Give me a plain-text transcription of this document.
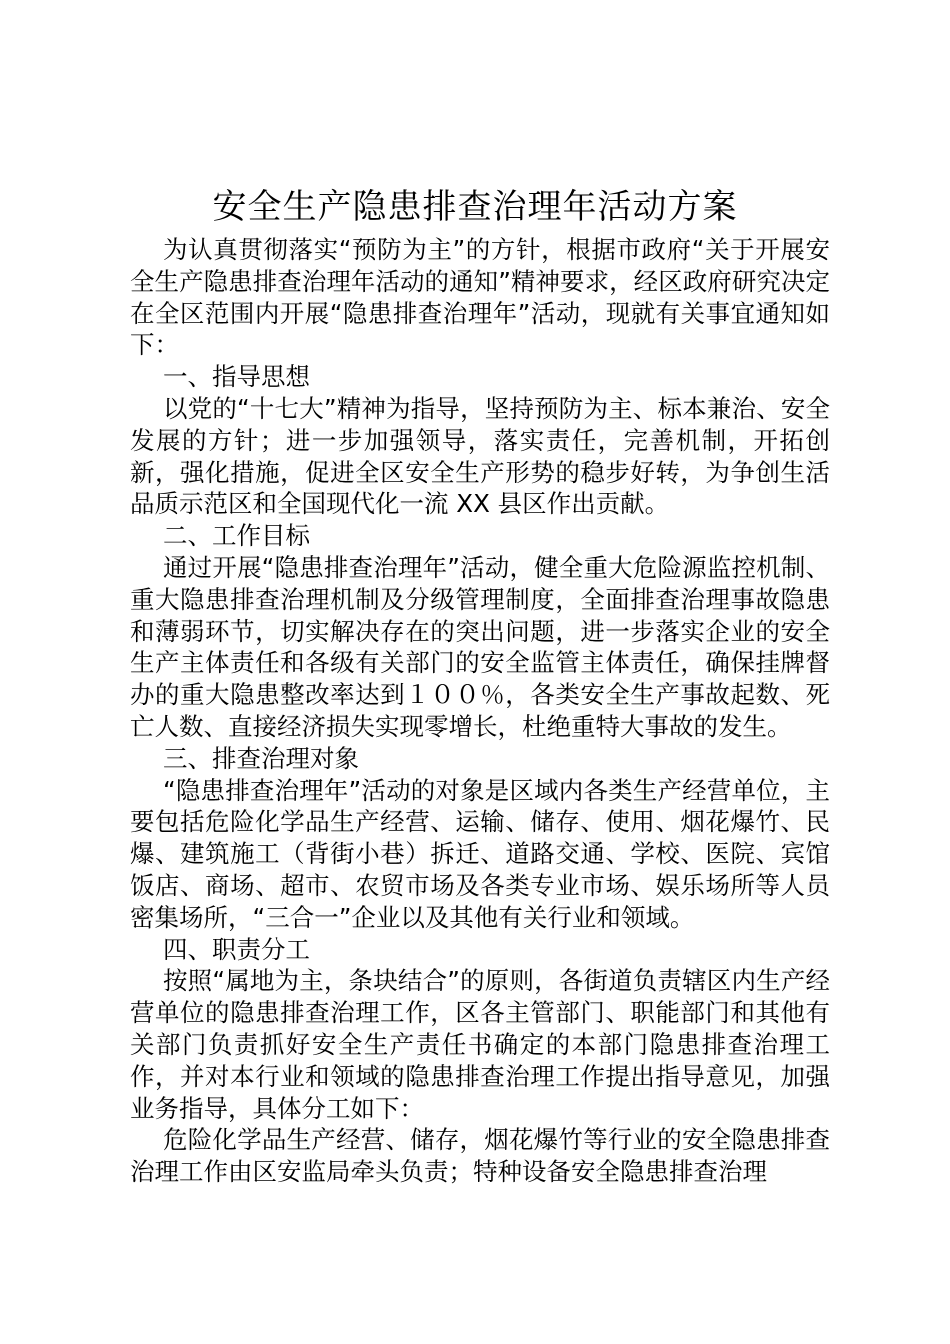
安全生产隐患排查治理年活动方案

为认真贯彻落实“预防为主”的方针，根据市政府“关于开展安全生产隐患排查治理年活动的通知”精神要求，经区政府研究决定在全区范围内开展“隐患排查治理年”活动，现就有关事宜通知如下：

一、指导思想

以党的“十七大”精神为指导，坚持预防为主、标本兼治、安全发展的方针；进一步加强领导，落实责任，完善机制，开拓创新，强化措施，促进全区安全生产形势的稳步好转，为争创生活品质示范区和全国现代化一流 XX 县区作出贡献。

二、工作目标

通过开展“隐患排查治理年”活动，健全重大危险源监控机制、重大隐患排查治理机制及分级管理制度，全面排查治理事故隐患和薄弱环节，切实解决存在的突出问题，进一步落实企业的安全生产主体责任和各级有关部门的安全监管主体责任，确保挂牌督办的重大隐患整改率达到１００％，各类安全生产事故起数、死亡人数、直接经济损失实现零增长，杜绝重特大事故的发生。

三、排查治理对象

“隐患排查治理年”活动的对象是区域内各类生产经营单位，主要包括危险化学品生产经营、运输、储存、使用、烟花爆竹、民爆、建筑施工（背街小巷）拆迁、道路交通、学校、医院、宾馆饭店、商场、超市、农贸市场及各类专业市场、娱乐场所等人员密集场所，“三合一”企业以及其他有关行业和领域。

四、职责分工

按照“属地为主，条块结合”的原则，各街道负责辖区内生产经营单位的隐患排查治理工作，区各主管部门、职能部门和其他有关部门负责抓好安全生产责任书确定的本部门隐患排查治理工作，并对本行业和领域的隐患排查治理工作提出指导意见，加强业务指导，具体分工如下：

危险化学品生产经营、储存，烟花爆竹等行业的安全隐患排查治理工作由区安监局牵头负责；特种设备安全隐患排查治理
